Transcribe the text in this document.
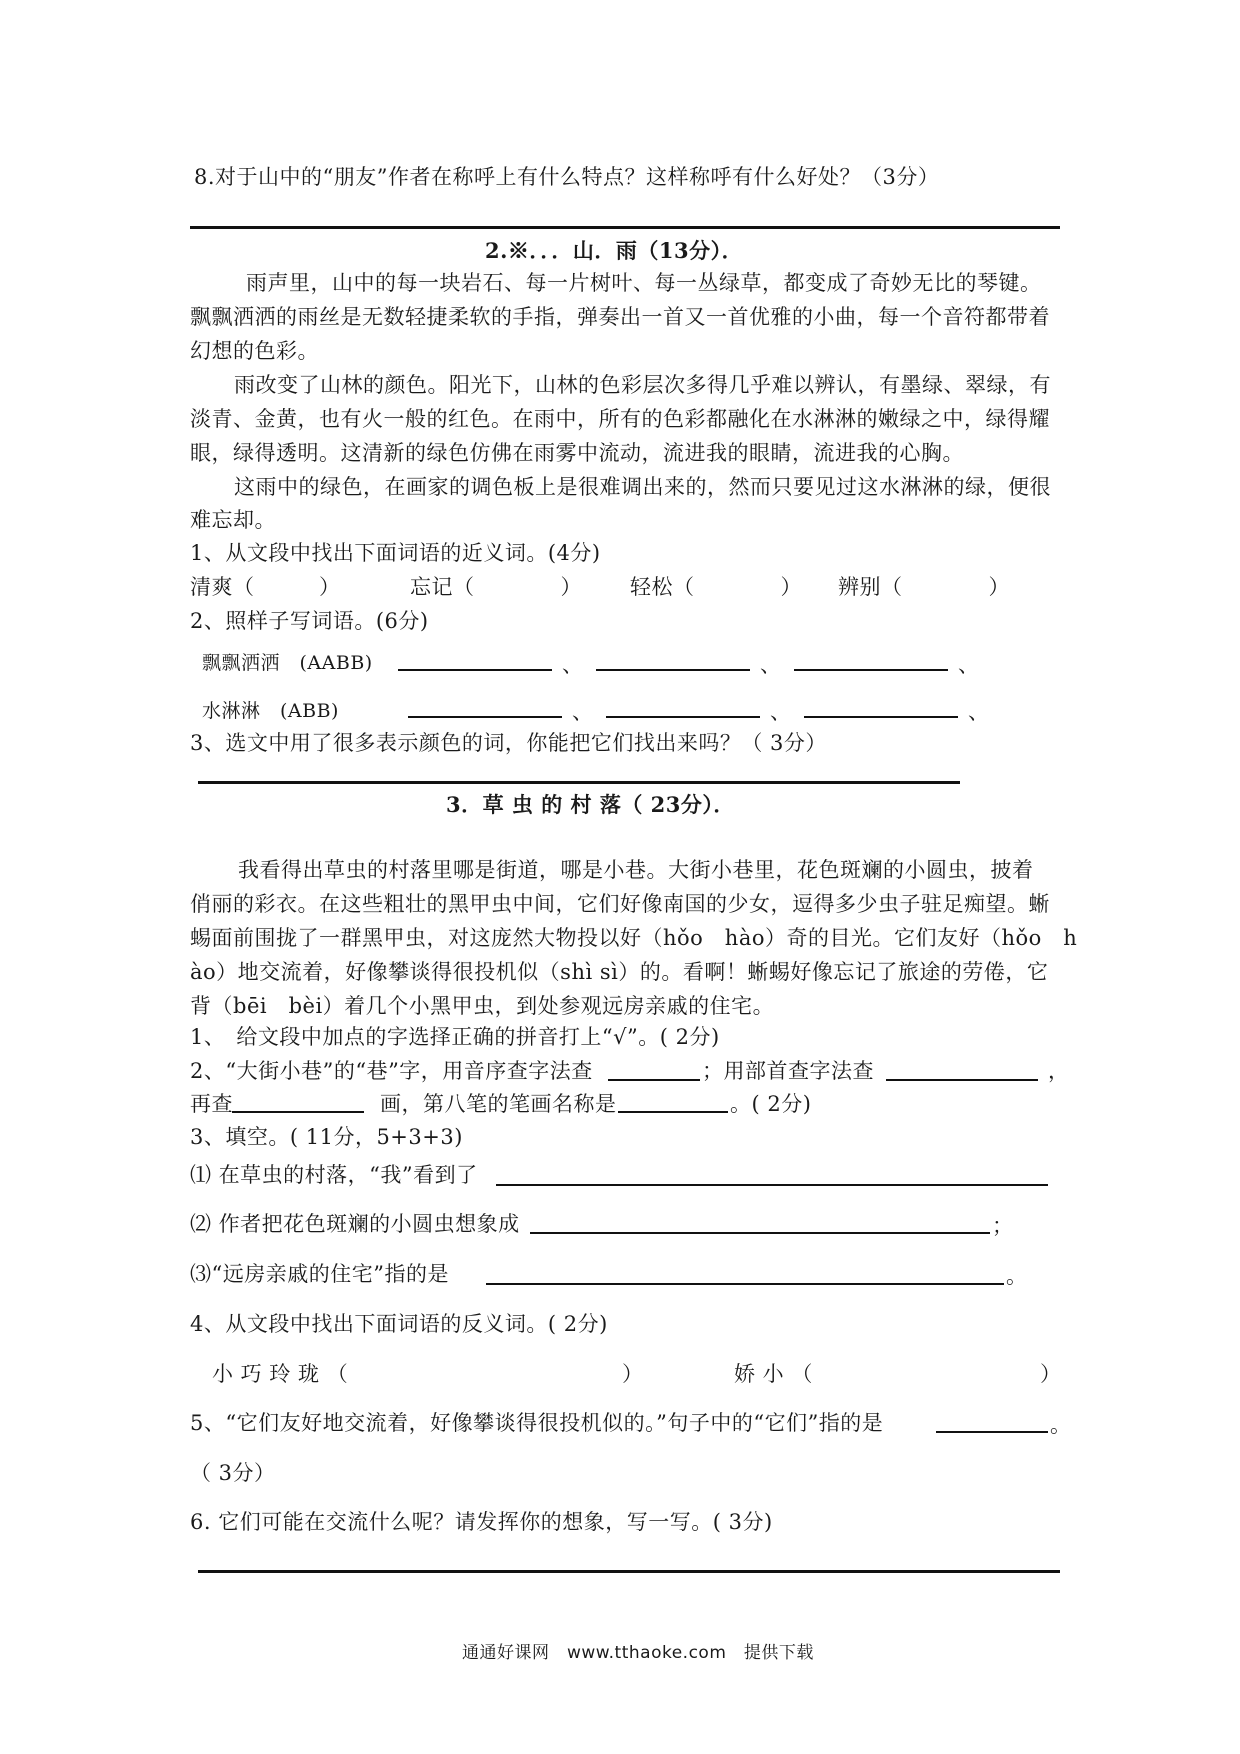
8.对于山中的“朋友”作者在称呼上有什么特点？这样称呼有什么好处？（3分）
2.※．．．山．雨（13分）．
雨声里，山中的每一块岩石、每一片树叶、每一丛绿草，都变成了奇妙无比的琴键。
飘飘洒洒的雨丝是无数轻捷柔软的手指，弹奏出一首又一首优雅的小曲，每一个音符都带着
幻想的色彩。
雨改变了山林的颜色。阳光下，山林的色彩层次多得几乎难以辨认，有墨绿、翠绿，有
淡青、金黄，也有火一般的红色。在雨中，所有的色彩都融化在水淋淋的嫩绿之中，绿得耀
眼，绿得透明。这清新的绿色仿佛在雨雾中流动，流进我的眼睛，流进我的心胸。
这雨中的绿色，在画家的调色板上是很难调出来的，然而只要见过这水淋淋的绿，便很
难忘却。
1、从文段中找出下面词语的近义词。(4分)
清爽（　　　）	忘记（　　　　） 轻松（　　　　） 辨别（　　　　）
2、照样子写词语。(6分)
飘飘洒洒　(AABB)	、	、	、
水淋淋　(ABB)	、	、	、
3、选文中用了很多表示颜色的词，你能把它们找出来吗？（ 3分）
3．草 虫 的 村 落（ 23分）．
我看得出草虫的村落里哪是街道，哪是小巷。大街小巷里，花色斑斓的小圆虫，披着
俏丽的彩衣。在这些粗壮的黑甲虫中间，它们好像南国的少女，逗得多少虫子驻足痴望。蜥
蜴面前围拢了一群黑甲虫，对这庞然大物投以好（hǒo　hào）奇的目光。它们友好（hǒo　h
ào）地交流着，好像攀谈得很投机似（shì sì）的。看啊！蜥蜴好像忘记了旅途的劳倦，它
背（bēi　bèi）着几个小黑甲虫，到处参观远房亲戚的住宅。
1、　给文段中加点的字选择正确的拼音打上“√”。( 2分)
2、“大街小巷”的“巷”字，用音序查字法查	；用部首查字法查	，
再查	画，第八笔的笔画名称是	。( 2分)
3、填空。( 11分，5+3+3)
⑴ 在草虫的村落，“我”看到了
⑵ 作者把花色斑斓的小圆虫想象成	；
⑶“远房亲戚的住宅”指的是	。
4、从文段中找出下面词语的反义词。( 2分)
小 巧 玲 珑 （	）	娇 小 （	）
5、“它们友好地交流着，好像攀谈得很投机似的。”句子中的“它们”指的是	。
（ 3分）
6. 它们可能在交流什么呢？请发挥你的想象，写一写。( 3分)
通通好课网　www.tthaoke.com　提供下载
